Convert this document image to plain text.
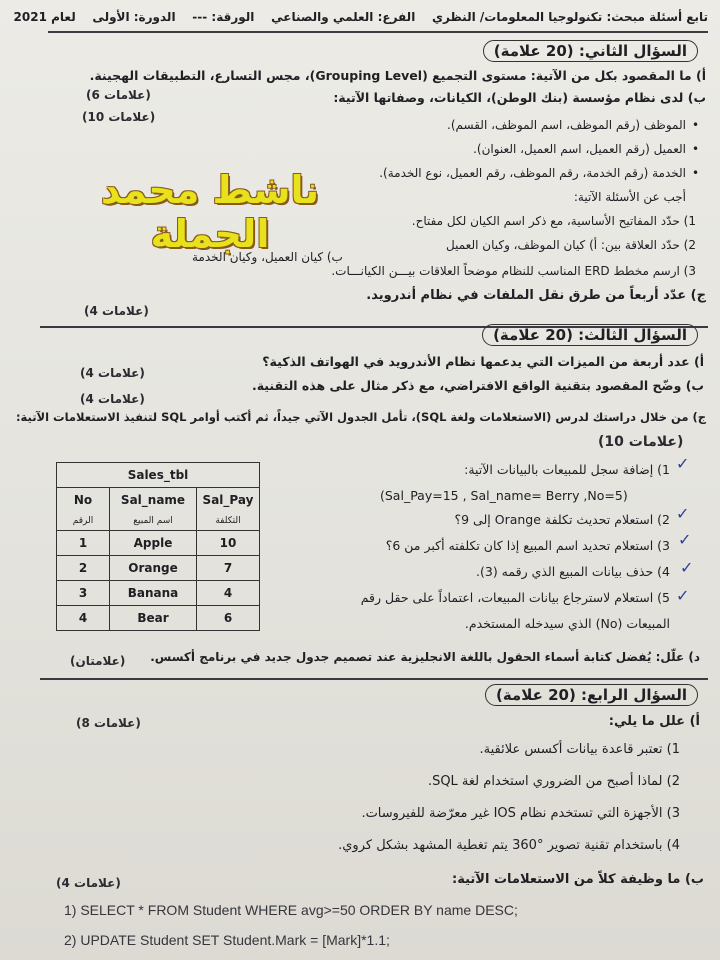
تابع أسئلة مبحث: تكنولوجيا المعلومات/ النظري    الفرع: العلمي والصناعي    الورقة: ---    الدورة: الأولى    لعام 2021
السؤال الثاني: (20 علامة)
أ) ما المقصود بكل من الآتية: مستوى التجميع (Grouping Level)، مجس التسارع، التطبيقات الهجينة.
ب) لدى نظام مؤسسة (بنك الوطن)، الكيانات، وصفاتها الآتية:
(6 علامات)
(10 علامات)
الموظف (رقم الموظف، اسم الموظف، القسم).
العميل (رقم العميل، اسم العميل، العنوان).
الخدمة (رقم الخدمة، رقم الموظف، رقم العميل، نوع الخدمة).
•
•
•
أجب عن الأسئلة الآتية:
1) حدّد المفاتيح الأساسية، مع ذكر اسم الكيان لكل مفتاح.
2) حدّد العلاقة بين: أ) كيان الموظف، وكيان العميل
ب) كيان العميل، وكيان الخدمة
3) ارسم مخطط ERD المناسب للنظام موضحاً العلاقات بيـــن الكيانـــات.
ناشط محمد الجملة
ج) عدّد أربعاً من طرق نقل الملفات في نظام أندرويد.
(4 علامات)
السؤال الثالث: (20 علامة)
أ) عدد أربعة من الميزات التي يدعمها نظام الأندرويد في الهواتف الذكية؟
(4 علامات)
ب) وضّح المقصود بتقنية الواقع الافتراضي، مع ذكر مثال على هذه التقنية.
(4 علامات)
ج) من خلال دراستك لدرس (الاستعلامات ولغة SQL)، تأمل الجدول الآتي جيداً، ثم أكتب أوامر SQL لتنفيذ الاستعلامات الآتية:
(10 علامات)
Sales_tbl		
No	Sal_name	Sal_Pay
الرقم	اسم المبيع	التكلفة
1	Apple	10
2	Orange	7
3	Banana	4
4	Bear	6
1) إضافة سجل للمبيعات بالبيانات الآتية:
(Sal_Pay=15 , Sal_name= Berry ,No=5)
2) استعلام تحديث تكلفة Orange إلى 9؟
3) استعلام تحديد اسم المبيع إذا كان تكلفته أكبر من 6؟
4) حذف بيانات المبيع الذي رقمه (3).
5) استعلام لاسترجاع بيانات المبيعات، اعتماداً على حقل رقم
المبيعات (No) الذي سيدخله المستخدم.
✓
✓
✓
✓
✓
د) علّل: يُفضل كتابة أسماء الحقول باللغة الانجليزية عند تصميم جدول جديد في برنامج أكسس.
(علامتان)
السؤال الرابع: (20 علامة)
أ) علل ما يلي:
(8 علامات)
1) تعتبر قاعدة بيانات أكسس علائقية.
2) لماذا أصبح من الضروري استخدام لغة SQL.
3) الأجهزة التي تستخدم نظام IOS غير معرّضة للفيروسات.
4) باستخدام تقنية تصوير °360 يتم تغطية المشهد بشكل كروي.
ب) ما وظيفة كلاً من الاستعلامات الآتية:
(4 علامات)
1) SELECT * FROM Student WHERE avg>=50 ORDER BY name DESC;
2) UPDATE Student SET Student.Mark = [Mark]*1.1;
